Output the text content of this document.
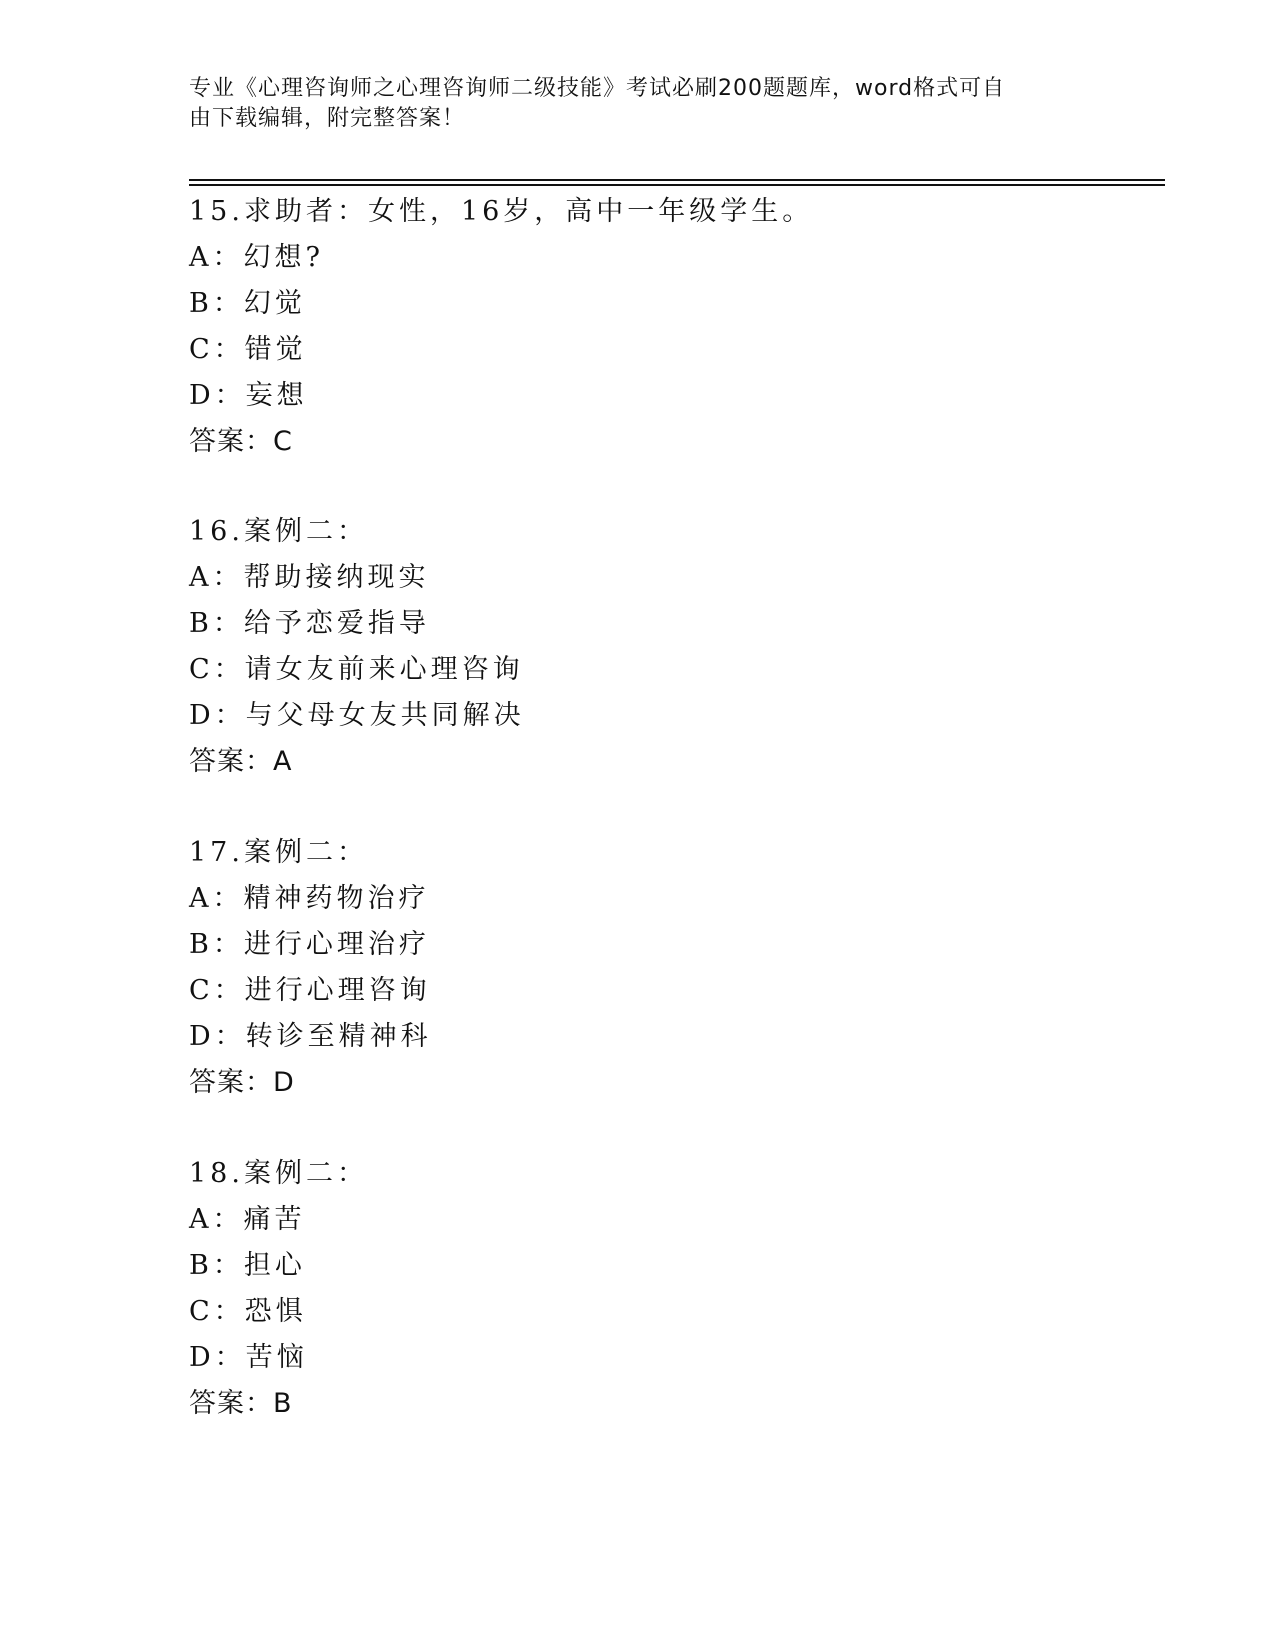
专业《心理咨询师之心理咨询师二级技能》考试必刷200题题库，word格式可自
由下载编辑，附完整答案！
15.求助者：女性，16岁，高中一年级学生。
A：幻想?
B：幻觉
C：错觉
D：妄想
答案：C
16.案例二：
A：帮助接纳现实
B：给予恋爱指导
C：请女友前来心理咨询
D：与父母女友共同解决
答案：A
17.案例二：
A：精神药物治疗
B：进行心理治疗
C：进行心理咨询
D：转诊至精神科
答案：D
18.案例二：
A：痛苦
B：担心
C：恐惧
D：苦恼
答案：B
